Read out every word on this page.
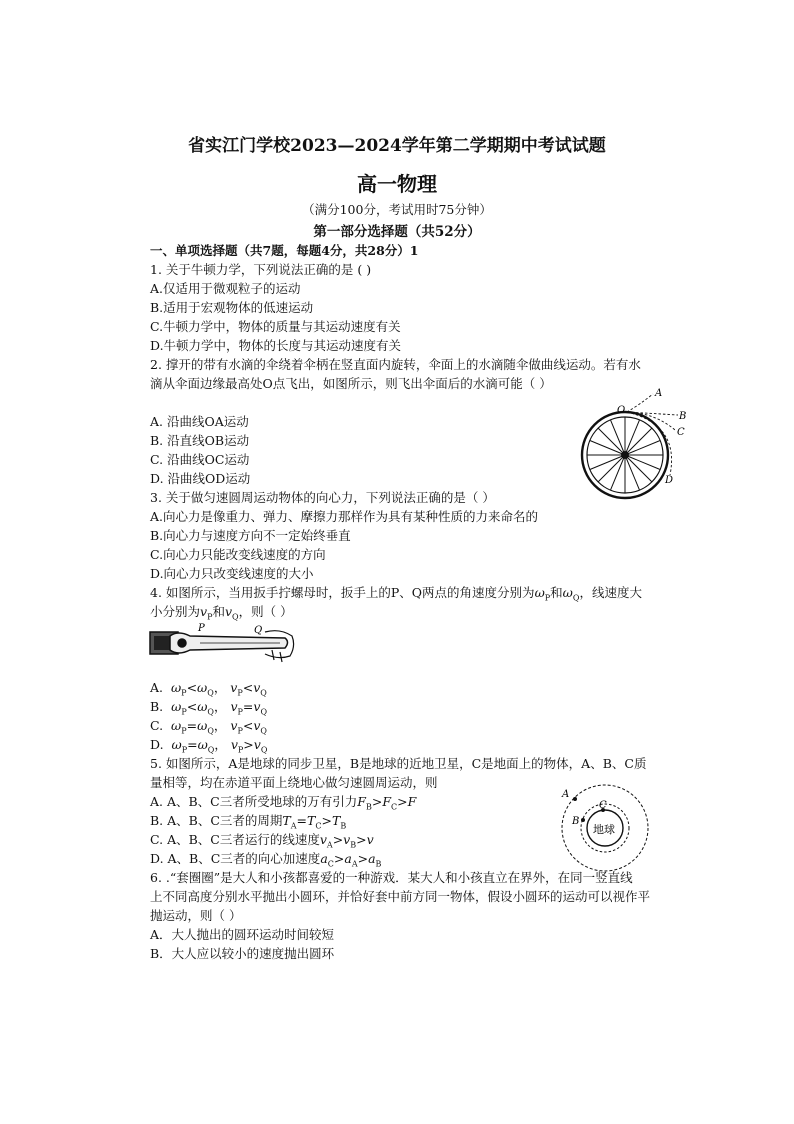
省实江门学校2023—2024学年第二学期期中考试试题
高一物理
（满分100分，考试用时75分钟）
第一部分选择题（共52分）
一、单项选择题（共7题，每题4分，共28分）1
1. 关于牛顿力学，下列说法正确的是 ( )
A.仅适用于微观粒子的运动
B.适用于宏观物体的低速运动
C.牛顿力学中，物体的质量与其运动速度有关
D.牛顿力学中，物体的长度与其运动速度有关
2. 撑开的带有水滴的伞绕着伞柄在竖直面内旋转，伞面上的水滴随伞做曲线运动。若有水
滴从伞面边缘最高处O点飞出，如图所示，则飞出伞面后的水滴可能（ ）
A. 沿曲线OA运动
B. 沿直线OB运动
C. 沿曲线OC运动
D. 沿曲线OD运动
O
A
B
C
D
3. 关于做匀速圆周运动物体的向心力，下列说法正确的是（ ）
A.向心力是像重力、弹力、摩擦力那样作为具有某种性质的力来命名的
B.向心力与速度方向不一定始终垂直
C.向心力只能改变线速度的方向
D.向心力只改变线速度的大小
4. 如图所示，当用扳手拧螺母时，扳手上的P、Q两点的角速度分别为$\omega_P$和$\omega_Q$，线速度大
小分别为$v_P$和$v_Q$，则（ ）
P	Q
A. $\omega_P<\omega_Q$， $v_P<v_Q$
B. $\omega_P<\omega_Q$， $v_P=v_Q$
C. $\omega_P=\omega_Q$， $v_P<v_Q$
D. $\omega_P=\omega_Q$， $v_P>v_Q$
5. 如图所示，A是地球的同步卫星，B是地球的近地卫星，C是地面上的物体，A、B、C质
量相等，均在赤道平面上绕地心做匀速圆周运动，则
A. A、B、C三者所受地球的万有引力$F_B>F_C>F$
B. A、B、C三者的周期$T_A=T_C>T_B$
C. A、B、C三者运行的线速度$v_A>v_B>v$
D. A、B、C三者的向心加速度$a_C>a_A>a_B$
A
B
C
地球
6. .“套圈圈”是大人和小孩都喜爱的一种游戏．某大人和小孩直立在界外，在同一竖直线
上不同高度分别水平抛出小圆环，并恰好套中前方同一物体，假设小圆环的运动可以视作平
抛运动，则（ ）
A．大人抛出的圆环运动时间较短
B．大人应以较小的速度抛出圆环
